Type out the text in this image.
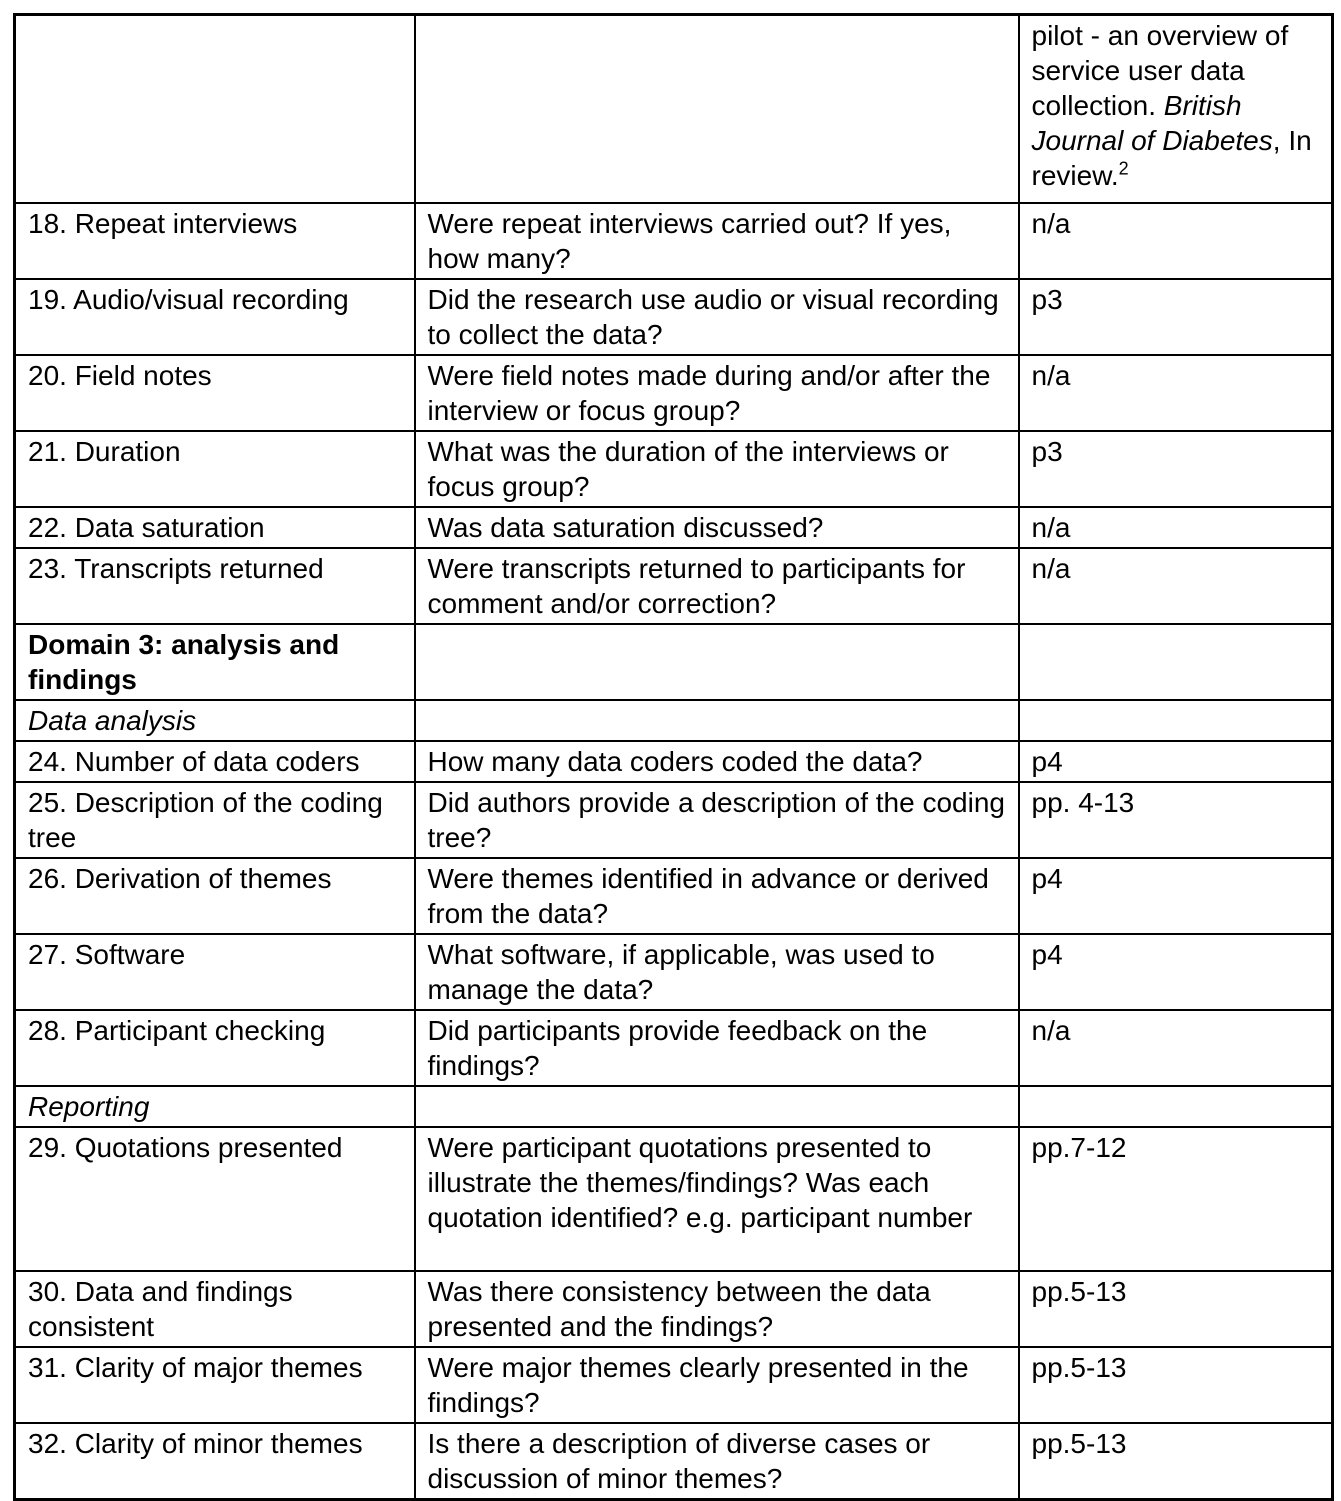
		pilot - an overview of service user data collection. British Journal of Diabetes, In review.$^2$
18. Repeat interviews	Were repeat interviews carried out? If yes, how many?	n/a
19. Audio/visual recording	Did the research use audio or visual recording to collect the data?	p3
20. Field notes	Were field notes made during and/or after the interview or focus group?	n/a
21. Duration	What was the duration of the interviews or focus group?	p3
22. Data saturation	Was data saturation discussed?	n/a
23. Transcripts returned	Were transcripts returned to participants for comment and/or correction?	n/a
Domain 3: analysis and findings		
Data analysis		
24. Number of data coders	How many data coders coded the data?	p4
25. Description of the coding tree	Did authors provide a description of the coding tree?	pp. 4-13
26. Derivation of themes	Were themes identified in advance or derived from the data?	p4
27. Software	What software, if applicable, was used to manage the data?	p4
28. Participant checking	Did participants provide feedback on the findings?	n/a
Reporting		
29. Quotations presented	Were participant quotations presented to illustrate the themes/findings? Was each quotation identified? e.g. participant number	pp.7-12
30. Data and findings consistent	Was there consistency between the data presented and the findings?	pp.5-13
31. Clarity of major themes	Were major themes clearly presented in the findings?	pp.5-13
32. Clarity of minor themes	Is there a description of diverse cases or discussion of minor themes?	pp.5-13
